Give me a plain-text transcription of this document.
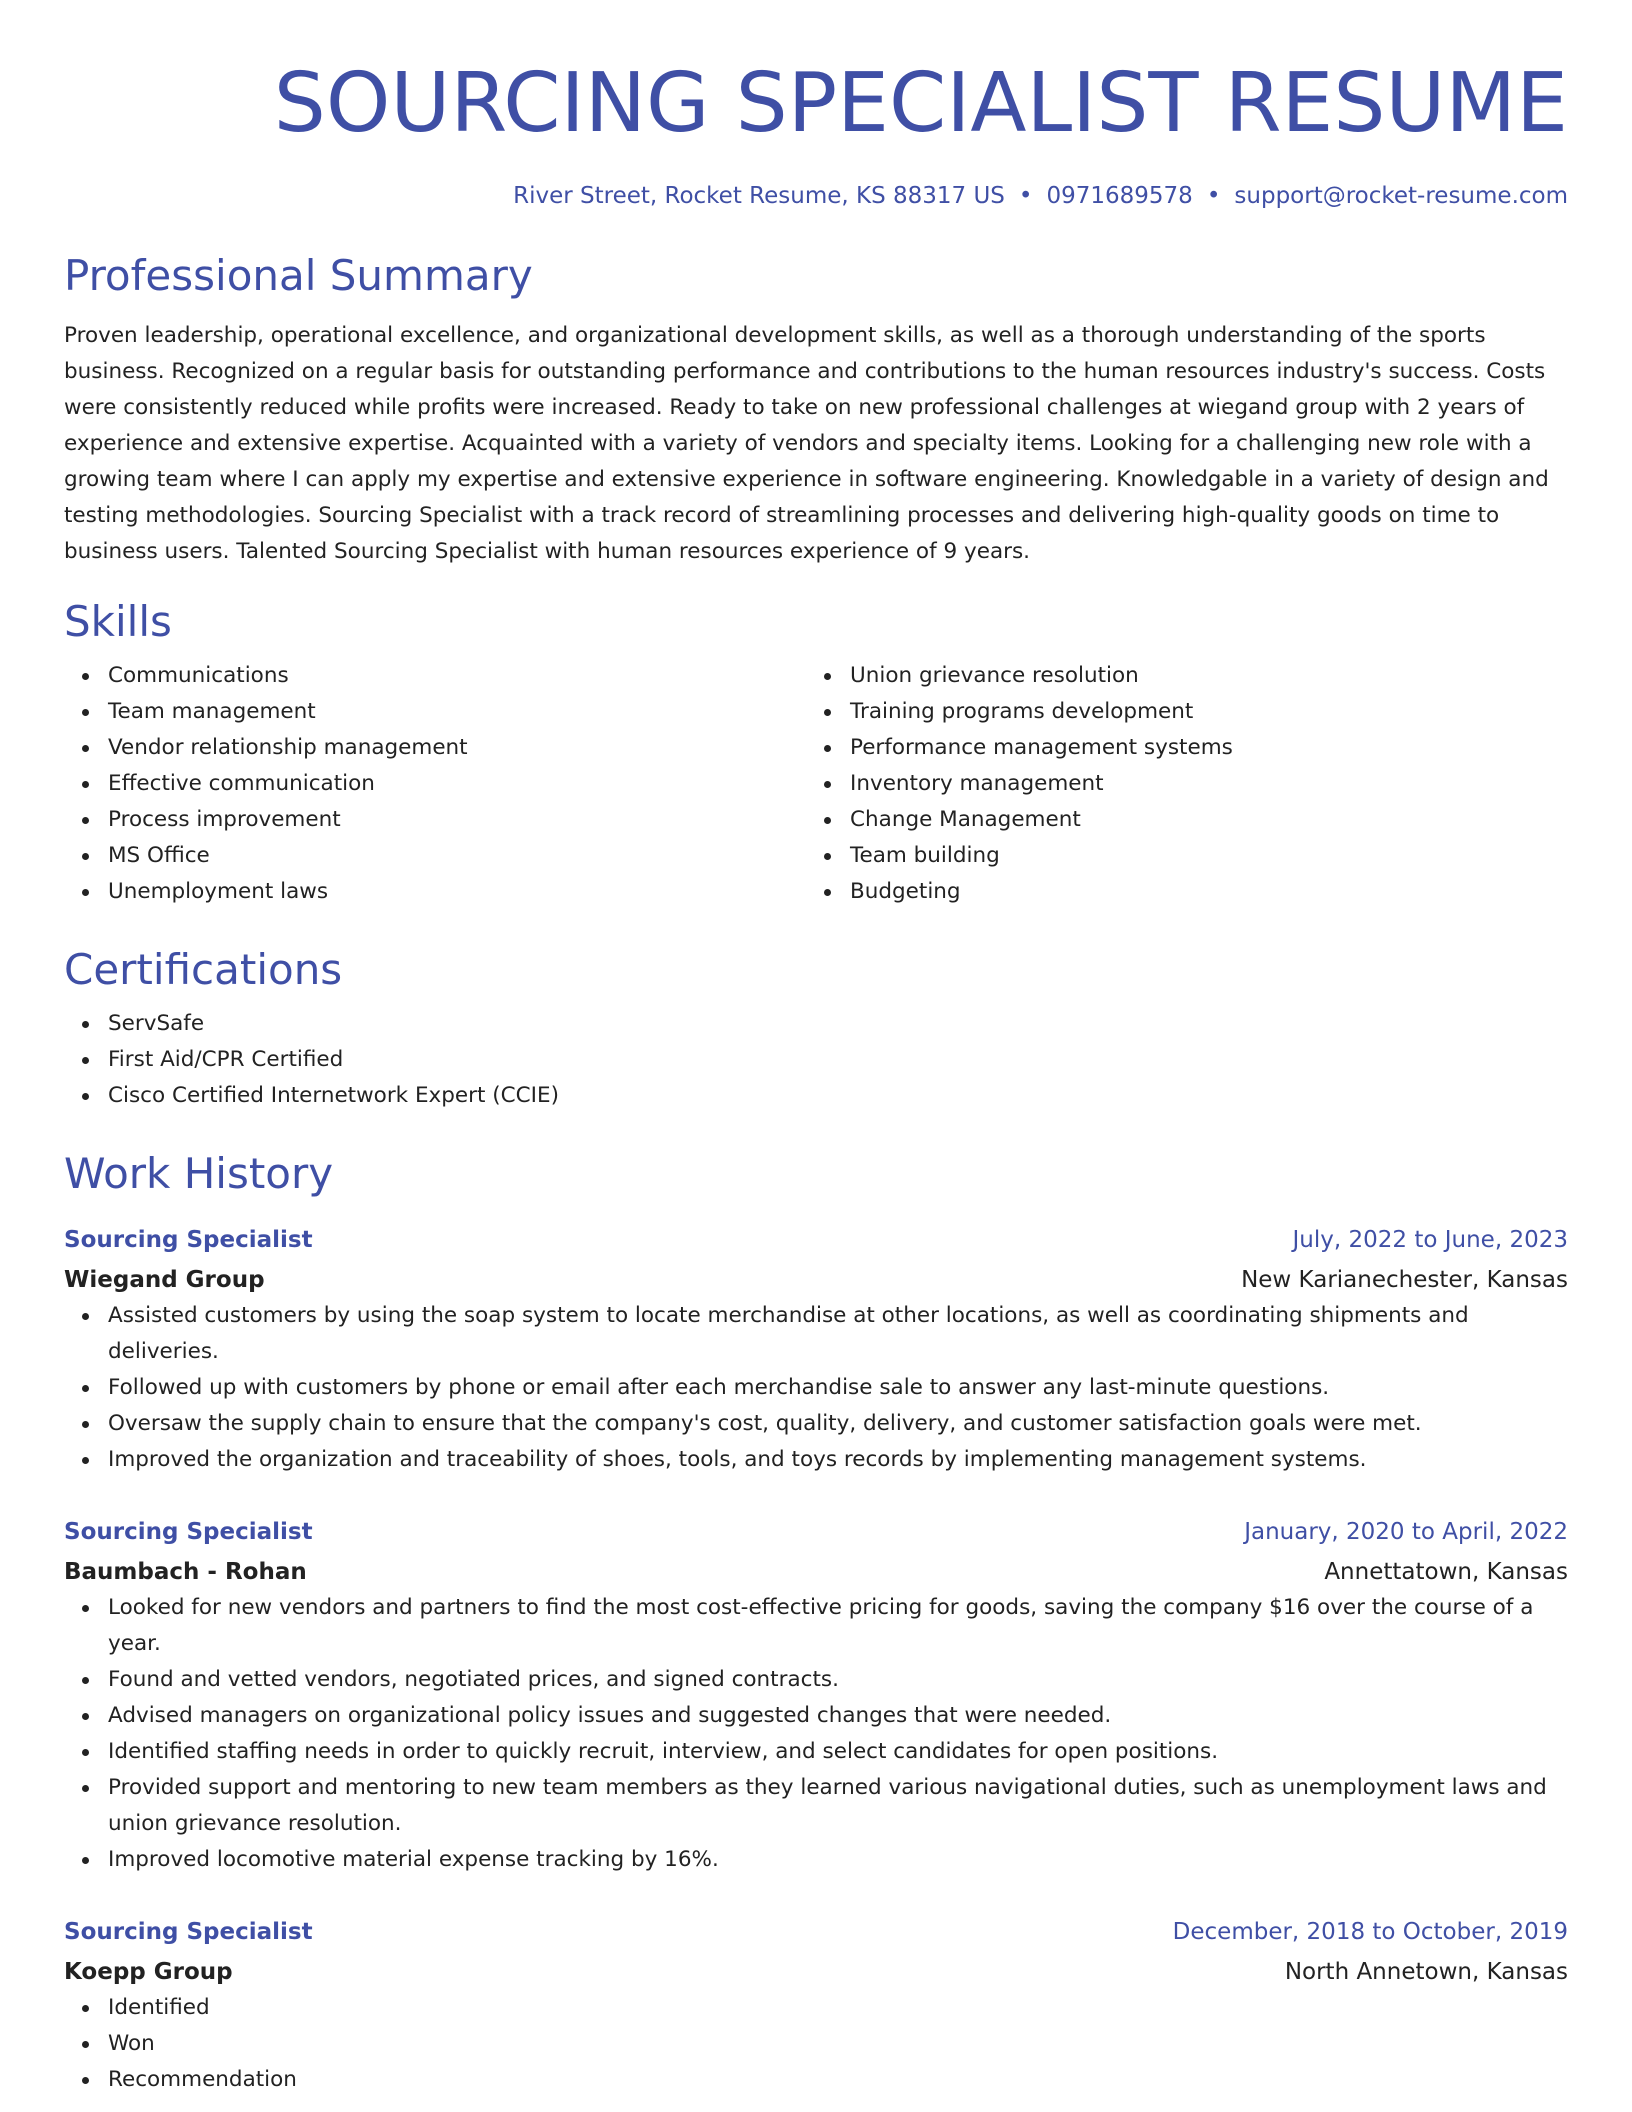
SOURCING SPECIALIST RESUME
River Street, Rocket Resume, KS 88317 US • 0971689578 • support@rocket-resume.com
Professional Summary

Proven leadership, operational excellence, and organizational development skills, as well as a thorough understanding of the sports business. Recognized on a regular basis for outstanding performance and contributions to the human resources industry's success. Costs were consistently reduced while profits were increased. Ready to take on new professional challenges at wiegand group with 2 years of experience and extensive expertise. Acquainted with a variety of vendors and specialty items. Looking for a challenging new role with a growing team where I can apply my expertise and extensive experience in software engineering. Knowledgable in a variety of design and testing methodologies. Sourcing Specialist with a track record of streamlining processes and delivering high-quality goods on time to business users. Talented Sourcing Specialist with human resources experience of 9 years.

Skills
Communications
Team management
Vendor relationship management
Effective communication
Process improvement
MS Office
Unemployment laws
Union grievance resolution
Training programs development
Performance management systems
Inventory management
Change Management
Team building
Budgeting
Certifications
ServSafe
First Aid/CPR Certified
Cisco Certified Internetwork Expert (CCIE)
Work History
Sourcing Specialist	July, 2022 to June, 2023
Wiegand Group	New Karianechester, Kansas
Assisted customers by using the soap system to locate merchandise at other locations, as well as coordinating shipments and deliveries.
Followed up with customers by phone or email after each merchandise sale to answer any last-minute questions.
Oversaw the supply chain to ensure that the company's cost, quality, delivery, and customer satisfaction goals were met.
Improved the organization and traceability of shoes, tools, and toys records by implementing management systems.
Sourcing Specialist	January, 2020 to April, 2022
Baumbach - Rohan	Annettatown, Kansas
Looked for new vendors and partners to find the most cost-effective pricing for goods, saving the company $16 over the course of a year.
Found and vetted vendors, negotiated prices, and signed contracts.
Advised managers on organizational policy issues and suggested changes that were needed.
Identified staffing needs in order to quickly recruit, interview, and select candidates for open positions.
Provided support and mentoring to new team members as they learned various navigational duties, such as unemployment laws and union grievance resolution.
Improved locomotive material expense tracking by 16%.
Sourcing Specialist	December, 2018 to October, 2019
Koepp Group	North Annetown, Kansas
Identified
Won
Recommendation
